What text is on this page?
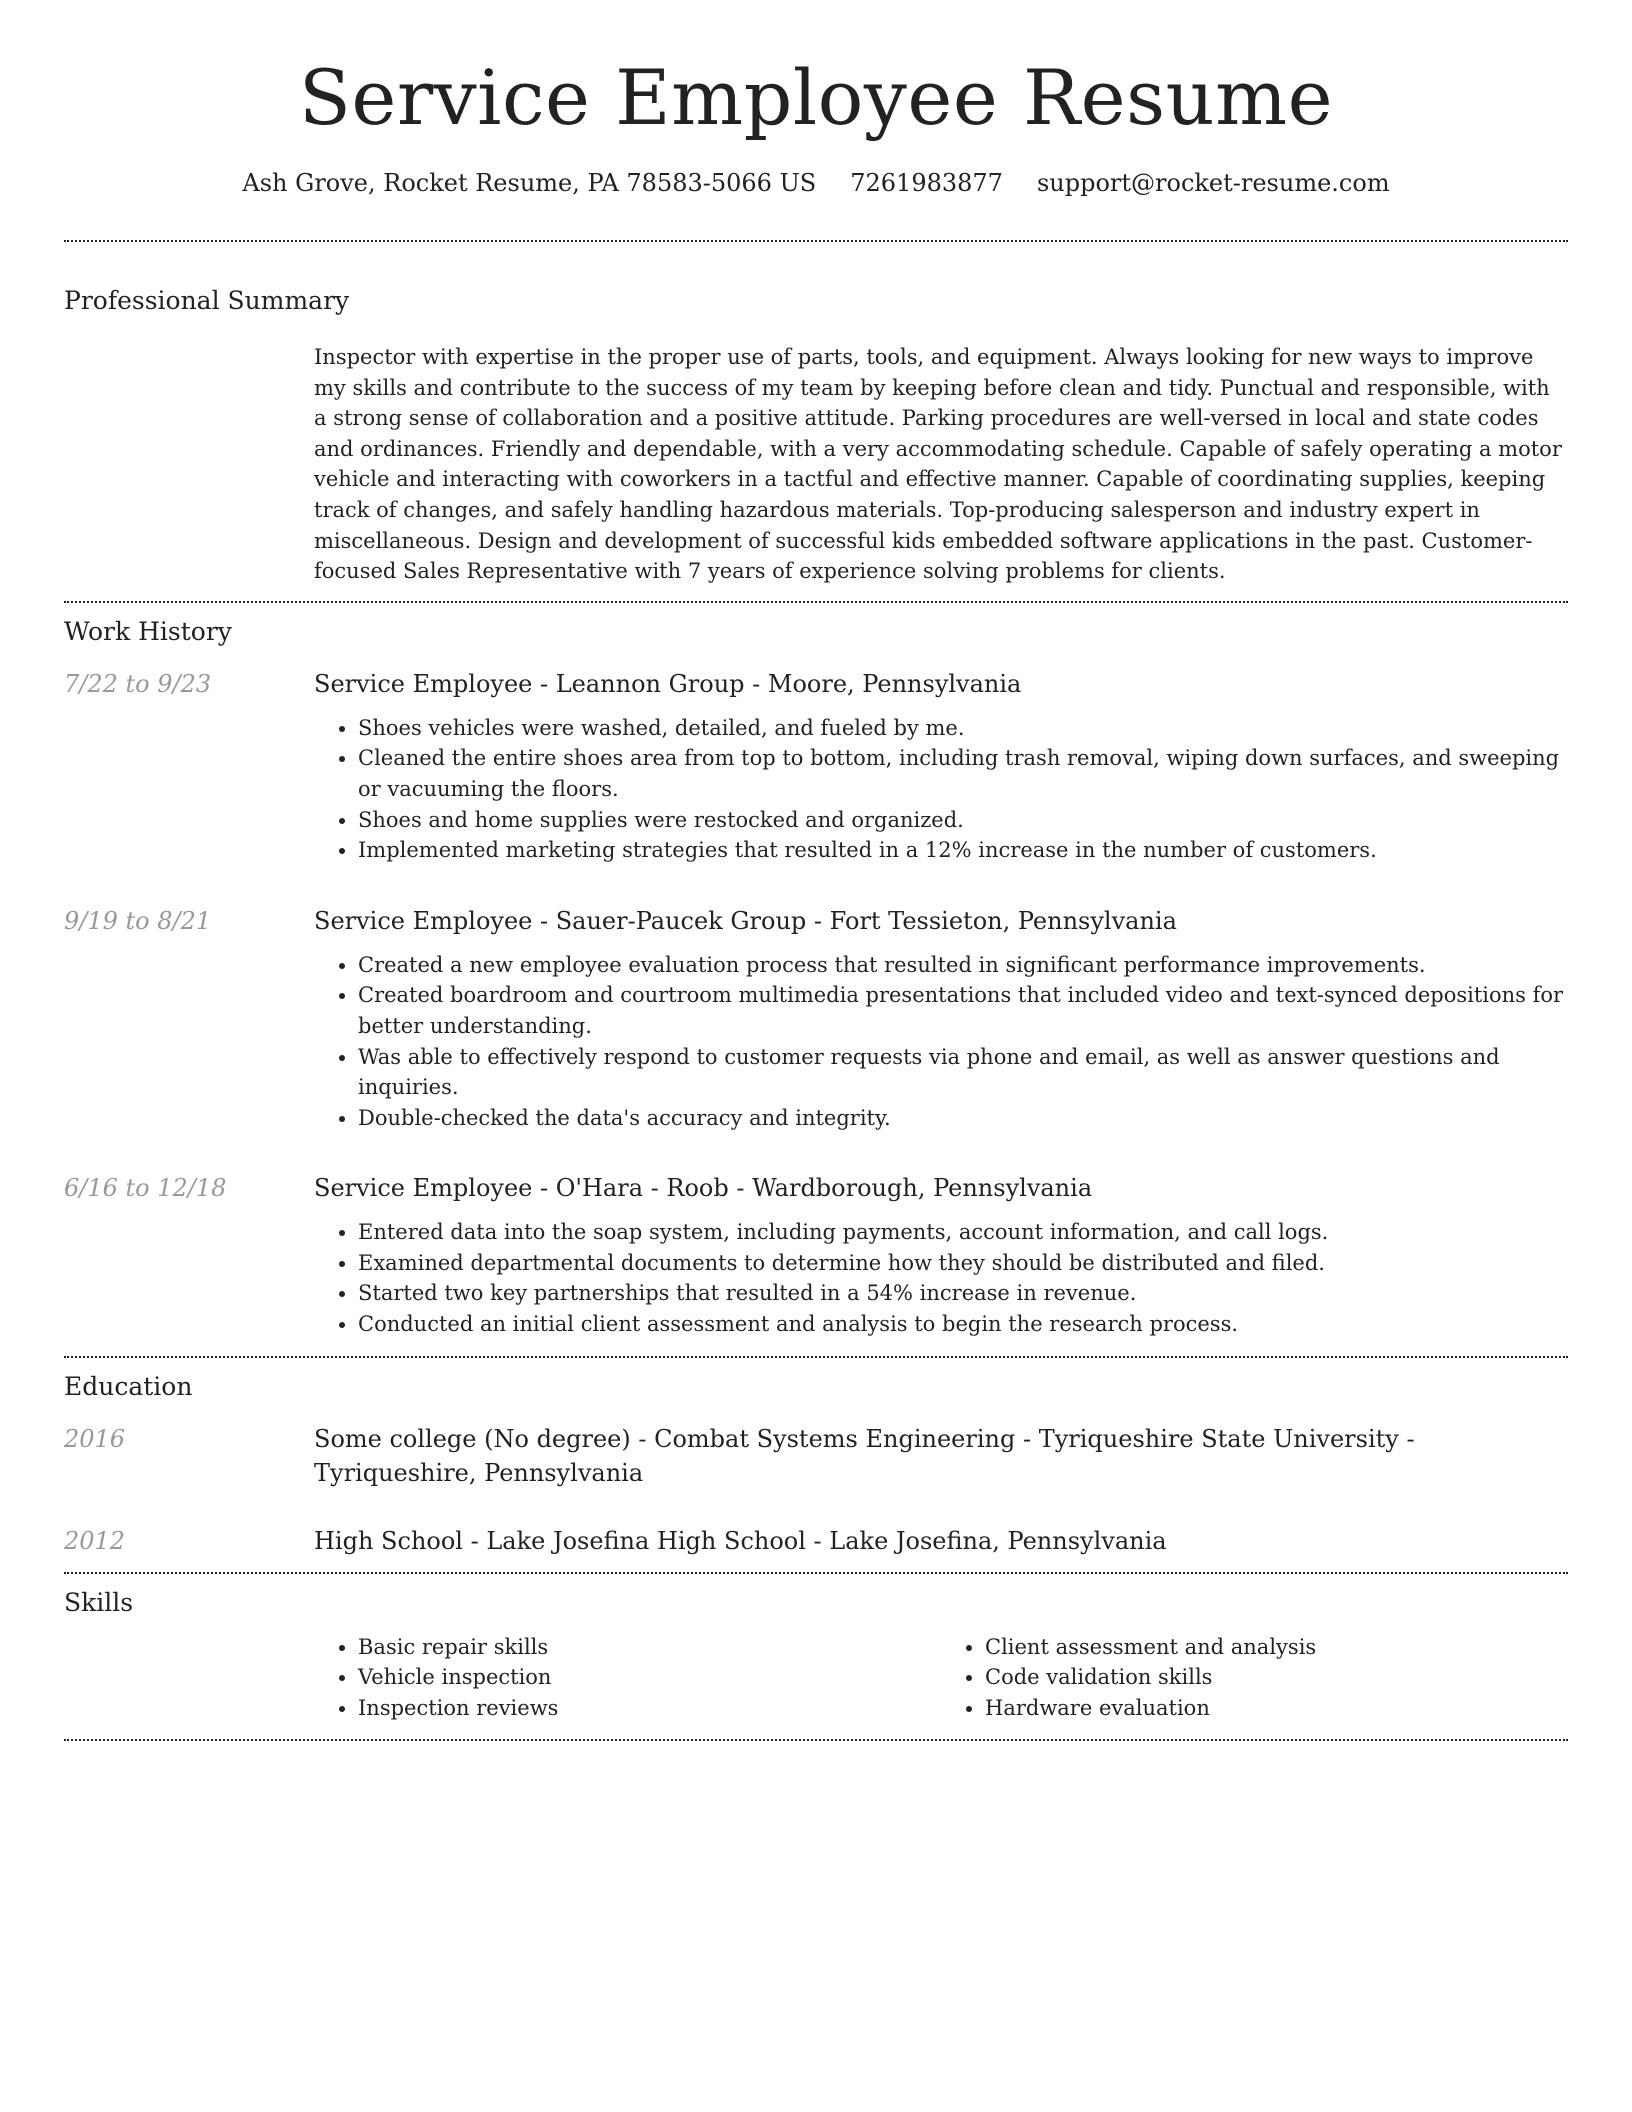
Service Employee Resume
Ash Grove, Rocket Resume, PA 78583-5066 US 7261983877 support@rocket-resume.com
Professional Summary
Inspector with expertise in the proper use of parts, tools, and equipment. Always looking for new ways to improve my skills and contribute to the success of my team by keeping before clean and tidy. Punctual and responsible, with a strong sense of collaboration and a positive attitude. Parking procedures are well-versed in local and state codes and ordinances. Friendly and dependable, with a very accommodating schedule. Capable of safely operating a motor vehicle and interacting with coworkers in a tactful and effective manner. Capable of coordinating supplies, keeping track of changes, and safely handling hazardous materials. Top-producing salesperson and industry expert in miscellaneous. Design and development of successful kids embedded software applications in the past. Customer-focused Sales Representative with 7 years of experience solving problems for clients.
Work History
7/22 to 9/23	Service Employee - Leannon Group - Moore, Pennsylvania
• Shoes vehicles were washed, detailed, and fueled by me.
• Cleaned the entire shoes area from top to bottom, including trash removal, wiping down surfaces, and sweeping or vacuuming the floors.
• Shoes and home supplies were restocked and organized.
• Implemented marketing strategies that resulted in a 12% increase in the number of customers.
9/19 to 8/21	Service Employee - Sauer-Paucek Group - Fort Tessieton, Pennsylvania
• Created a new employee evaluation process that resulted in significant performance improvements.
• Created boardroom and courtroom multimedia presentations that included video and text-synced depositions for better understanding.
• Was able to effectively respond to customer requests via phone and email, as well as answer questions and inquiries.
• Double-checked the data's accuracy and integrity.
6/16 to 12/18	Service Employee - O'Hara - Roob - Wardborough, Pennsylvania
• Entered data into the soap system, including payments, account information, and call logs.
• Examined departmental documents to determine how they should be distributed and filed.
• Started two key partnerships that resulted in a 54% increase in revenue.
• Conducted an initial client assessment and analysis to begin the research process.
Education
2016	Some college (No degree) - Combat Systems Engineering - Tyriqueshire State University - Tyriqueshire, Pennsylvania
2012	High School - Lake Josefina High School - Lake Josefina, Pennsylvania
Skills
• Basic repair skills
• Vehicle inspection
• Inspection reviews
• Client assessment and analysis
• Code validation skills
• Hardware evaluation
